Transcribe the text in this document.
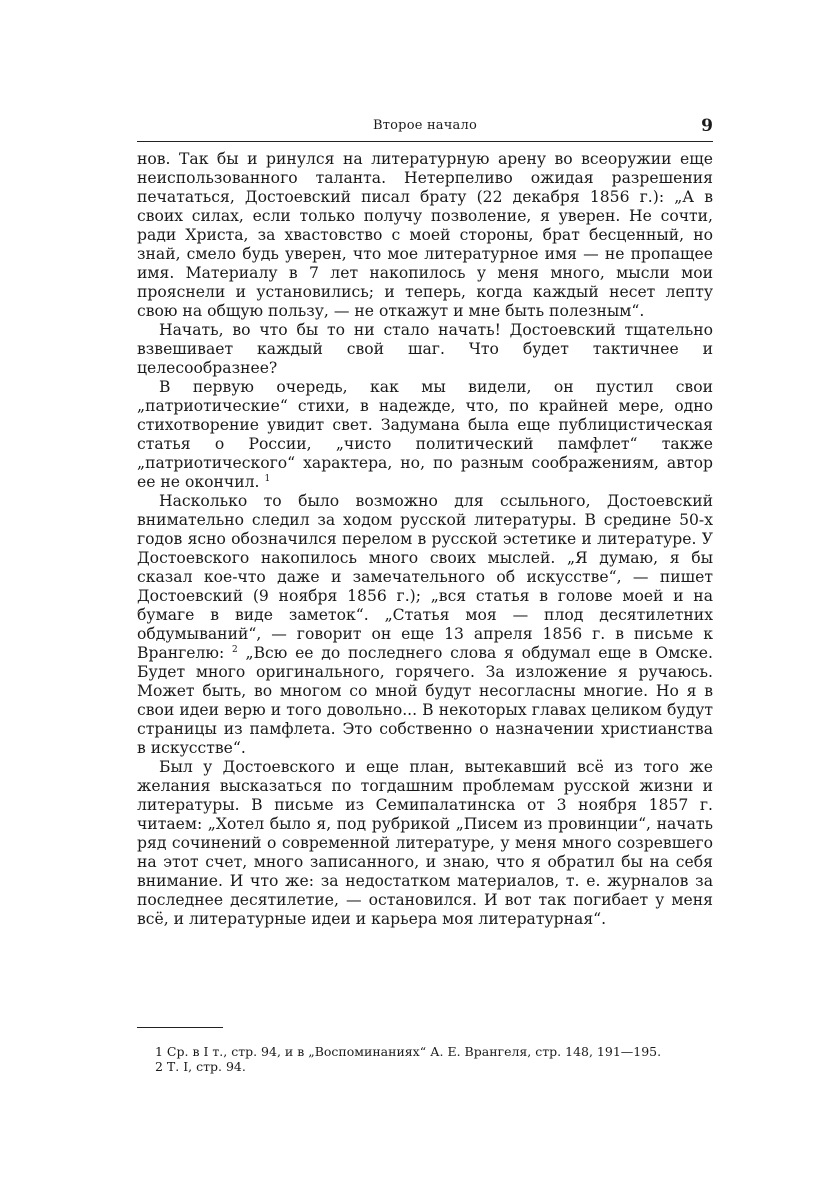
Второе начало	9

нов. Так бы и ринулся на литературную арену во всеоружии еще неиспользованного таланта. Нетерпеливо ожидая разрешения печататься, Достоевский писал брату (22 декабря 1856 г.): „А в своих силах, если только получу позволение, я уверен. Не сочти, ради Христа, за хвастовство с моей стороны, брат бесценный, но знай, смело будь уверен, что мое литературное имя — не пропащее имя. Материалу в 7 лет накопилось у меня много, мысли мои прояснели и установились; и теперь, когда каждый несет лепту свою на общую пользу, — не откажут и мне быть полезным“.

Начать, во что бы то ни стало начать! Достоевский тщательно взвешивает каждый свой шаг. Что будет тактичнее и целесообразнее?

В первую очередь, как мы видели, он пустил свои „патриотические“ стихи, в надежде, что, по крайней мере, одно стихотворение увидит свет. Задумана была еще публицистическая статья о России, „чисто политический памфлет“ также „патриотического“ характера, но, по разным соображениям, автор ее не окончил. $^1$

Насколько то было возможно для ссыльного, Достоевский внимательно следил за ходом русской литературы. В средине 50-х годов ясно обозначился перелом в русской эстетике и литературе. У Достоевского накопилось много своих мыслей. „Я думаю, я бы сказал кое-что даже и замечательного об искусстве“, — пишет Достоевский (9 ноября 1856 г.); „вся статья в голове моей и на бумаге в виде заметок“. „Статья моя — плод десятилетних обдумываний“, — говорит он еще 13 апреля 1856 г. в письме к Врангелю: $^2$ „Всю ее до последнего слова я обдумал еще в Омске. Будет много оригинального, горячего. За изложение я ручаюсь. Может быть, во многом со мной будут несогласны многие. Но я в свои идеи верю и того довольно... В некоторых главах целиком будут страницы из памфлета. Это собственно о назначении христианства в искусстве“.

Был у Достоевского и еще план, вытекавший всё из того же желания высказаться по тогдашним проблемам русской жизни и литературы. В письме из Семипалатинска от 3 ноября 1857 г. читаем: „Хотел было я, под рубрикой „Писем из провинции“, начать ряд сочинений о современной литературе, у меня много созревшего на этот счет, много записанного, и знаю, что я обратил бы на себя внимание. И что же: за недостатком материалов, т. е. журналов за последнее десятилетие, — остановился. И вот так погибает у меня всё, и литературные идеи и карьера моя литературная“.

1 Ср. в I т., стр. 94, и в „Воспоминаниях“ А. Е. Врангеля, стр. 148, 191—195.

2 Т. I, стр. 94.
